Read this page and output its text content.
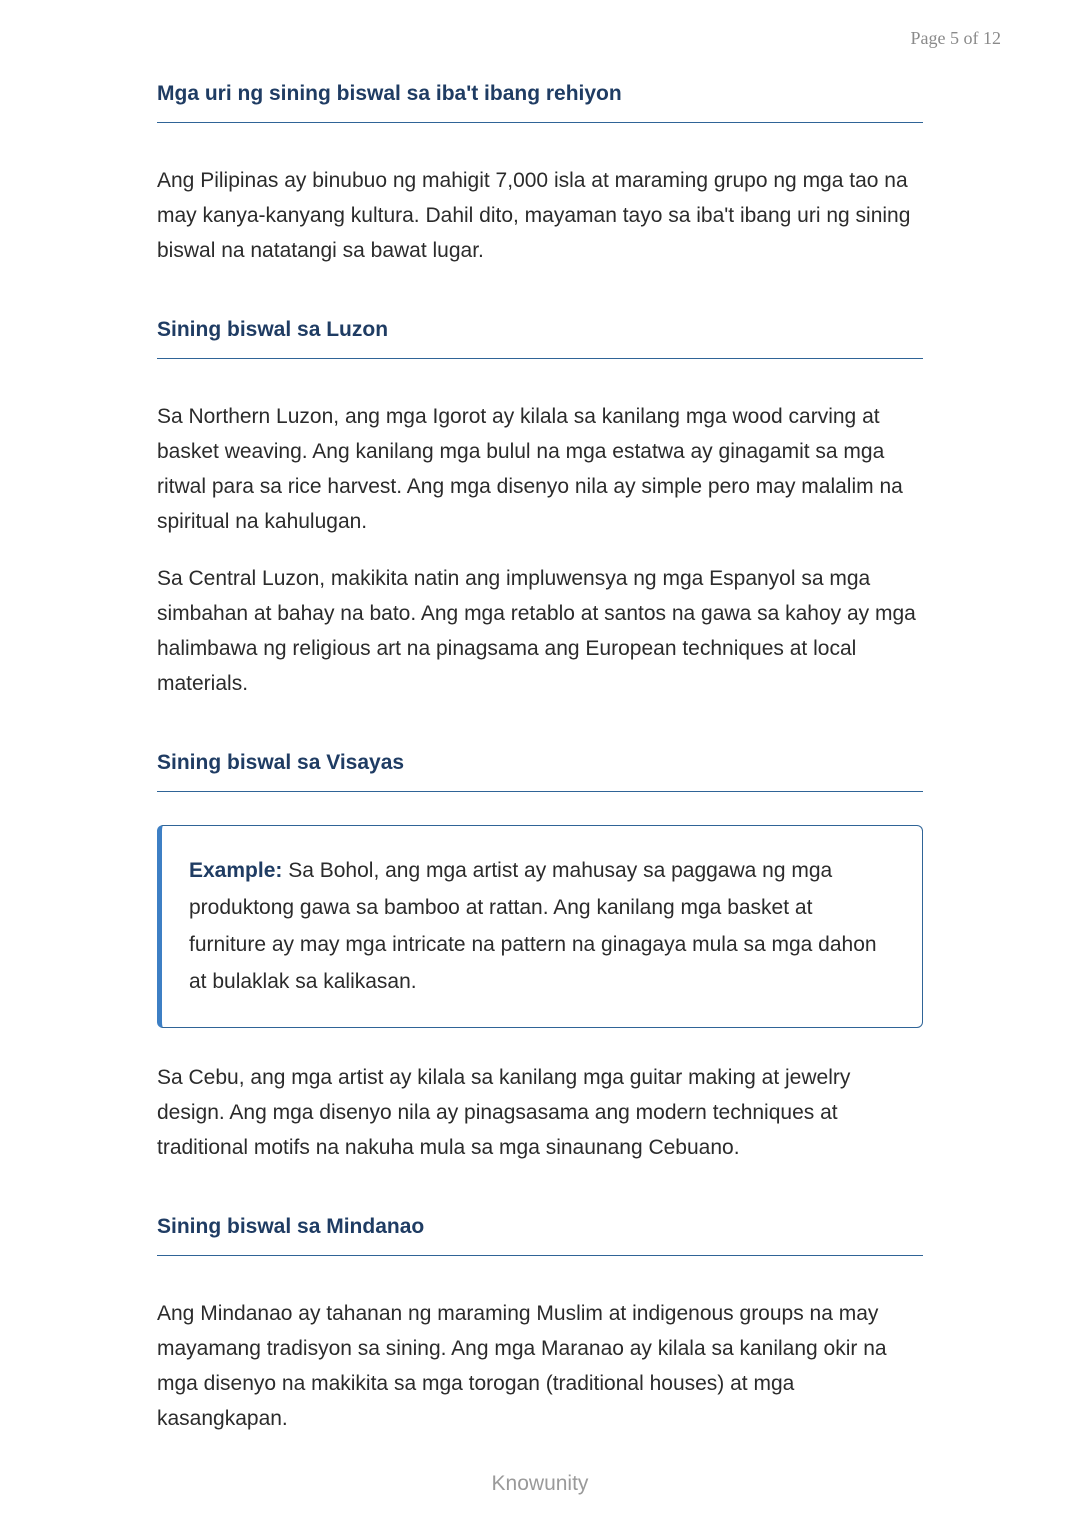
Page 5 of 12
Mga uri ng sining biswal sa iba't ibang rehiyon

Ang Pilipinas ay binubuo ng mahigit 7,000 isla at maraming grupo ng mga tao na may kanya-kanyang kultura. Dahil dito, mayaman tayo sa iba't ibang uri ng sining biswal na natatangi sa bawat lugar.

Sining biswal sa Luzon

Sa Northern Luzon, ang mga Igorot ay kilala sa kanilang mga wood carving at basket weaving. Ang kanilang mga bulul na mga estatwa ay ginagamit sa mga ritwal para sa rice harvest. Ang mga disenyo nila ay simple pero may malalim na spiritual na kahulugan.

Sa Central Luzon, makikita natin ang impluwensya ng mga Espanyol sa mga simbahan at bahay na bato. Ang mga retablo at santos na gawa sa kahoy ay mga halimbawa ng religious art na pinagsama ang European techniques at local materials.

Sining biswal sa Visayas

Example: Sa Bohol, ang mga artist ay mahusay sa paggawa ng mga produktong gawa sa bamboo at rattan. Ang kanilang mga basket at furniture ay may mga intricate na pattern na ginagaya mula sa mga dahon at bulaklak sa kalikasan.

Sa Cebu, ang mga artist ay kilala sa kanilang mga guitar making at jewelry design. Ang mga disenyo nila ay pinagsasama ang modern techniques at traditional motifs na nakuha mula sa mga sinaunang Cebuano.

Sining biswal sa Mindanao

Ang Mindanao ay tahanan ng maraming Muslim at indigenous groups na may mayamang tradisyon sa sining. Ang mga Maranao ay kilala sa kanilang okir na mga disenyo na makikita sa mga torogan (traditional houses) at mga kasangkapan.

Knowunity
